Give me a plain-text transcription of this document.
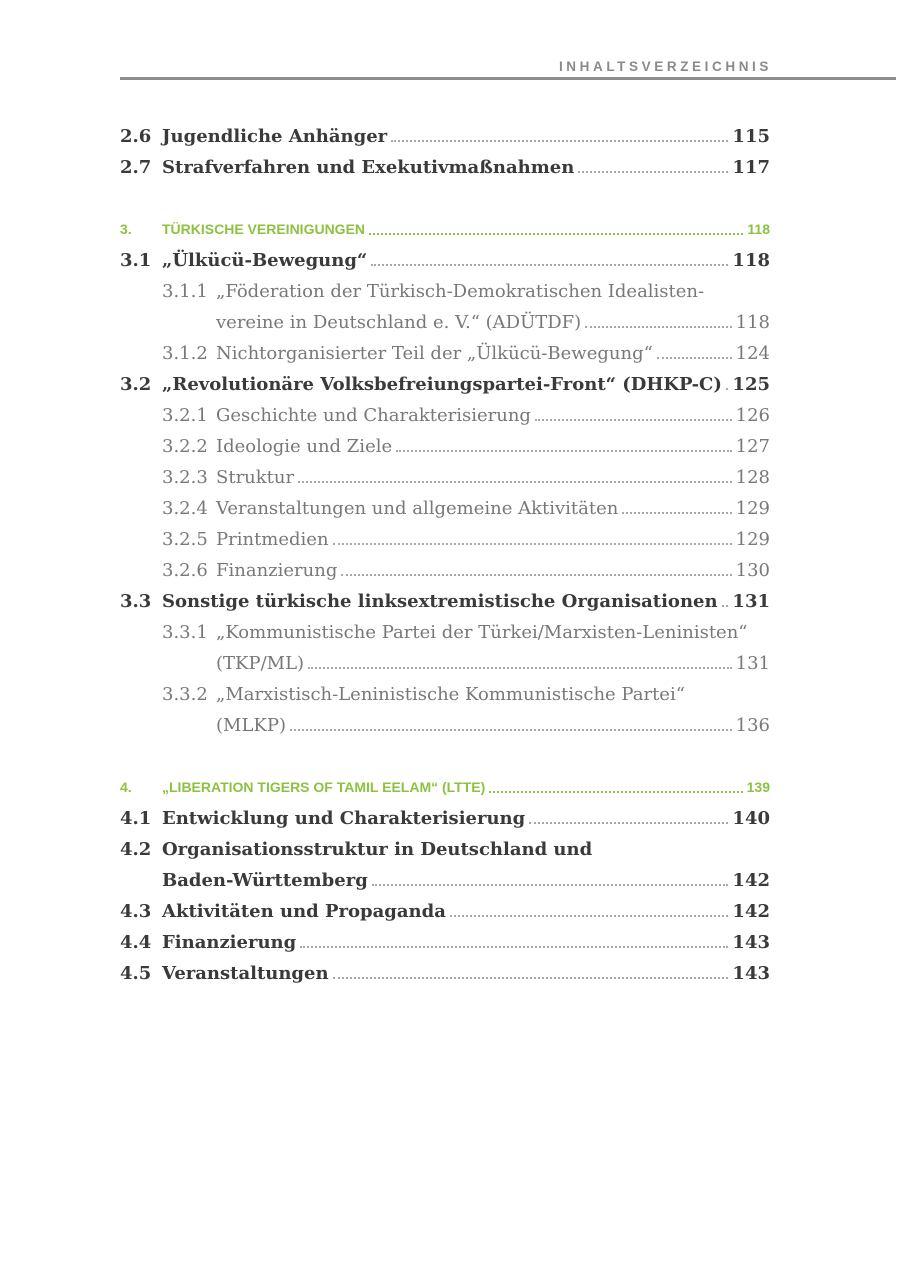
INHALTSVERZEICHNIS
2.6 Jugendliche Anhänger	115
2.7 Strafverfahren und Exekutivmaßnahmen	117
3.	TÜRKISCHE VEREINIGUNGEN	118
3.1 „Ülkücü-Bewegung“	118
3.1.1 „Föderation der Türkisch-Demokratischen Idealisten-
vereine in Deutschland e. V.“ (ADÜTDF)	118
3.1.2 Nichtorganisierter Teil der „Ülkücü-Bewegung“	124
3.2 „Revolutionäre Volksbefreiungspartei-Front“ (DHKP-C) 125
3.2.1 Geschichte und Charakterisierung	126
3.2.2 Ideologie und Ziele	127
3.2.3 Struktur	128
3.2.4 Veranstaltungen und allgemeine Aktivitäten	129
3.2.5 Printmedien	129
3.2.6 Finanzierung	130
3.3 Sonstige türkische linksextremistische Organisationen 131
3.3.1 „Kommunistische Partei der Türkei/Marxisten-Leninisten“
(TKP/ML)	131
3.3.2 „Marxistisch-Leninistische Kommunistische Partei“
(MLKP)	136
4.	„LIBERATION TIGERS OF TAMIL EELAM“ (LTTE)	139
4.1 Entwicklung und Charakterisierung	140
4.2 Organisationsstruktur in Deutschland und
Baden-Württemberg	142
4.3 Aktivitäten und Propaganda	142
4.4 Finanzierung	143
4.5 Veranstaltungen	143
